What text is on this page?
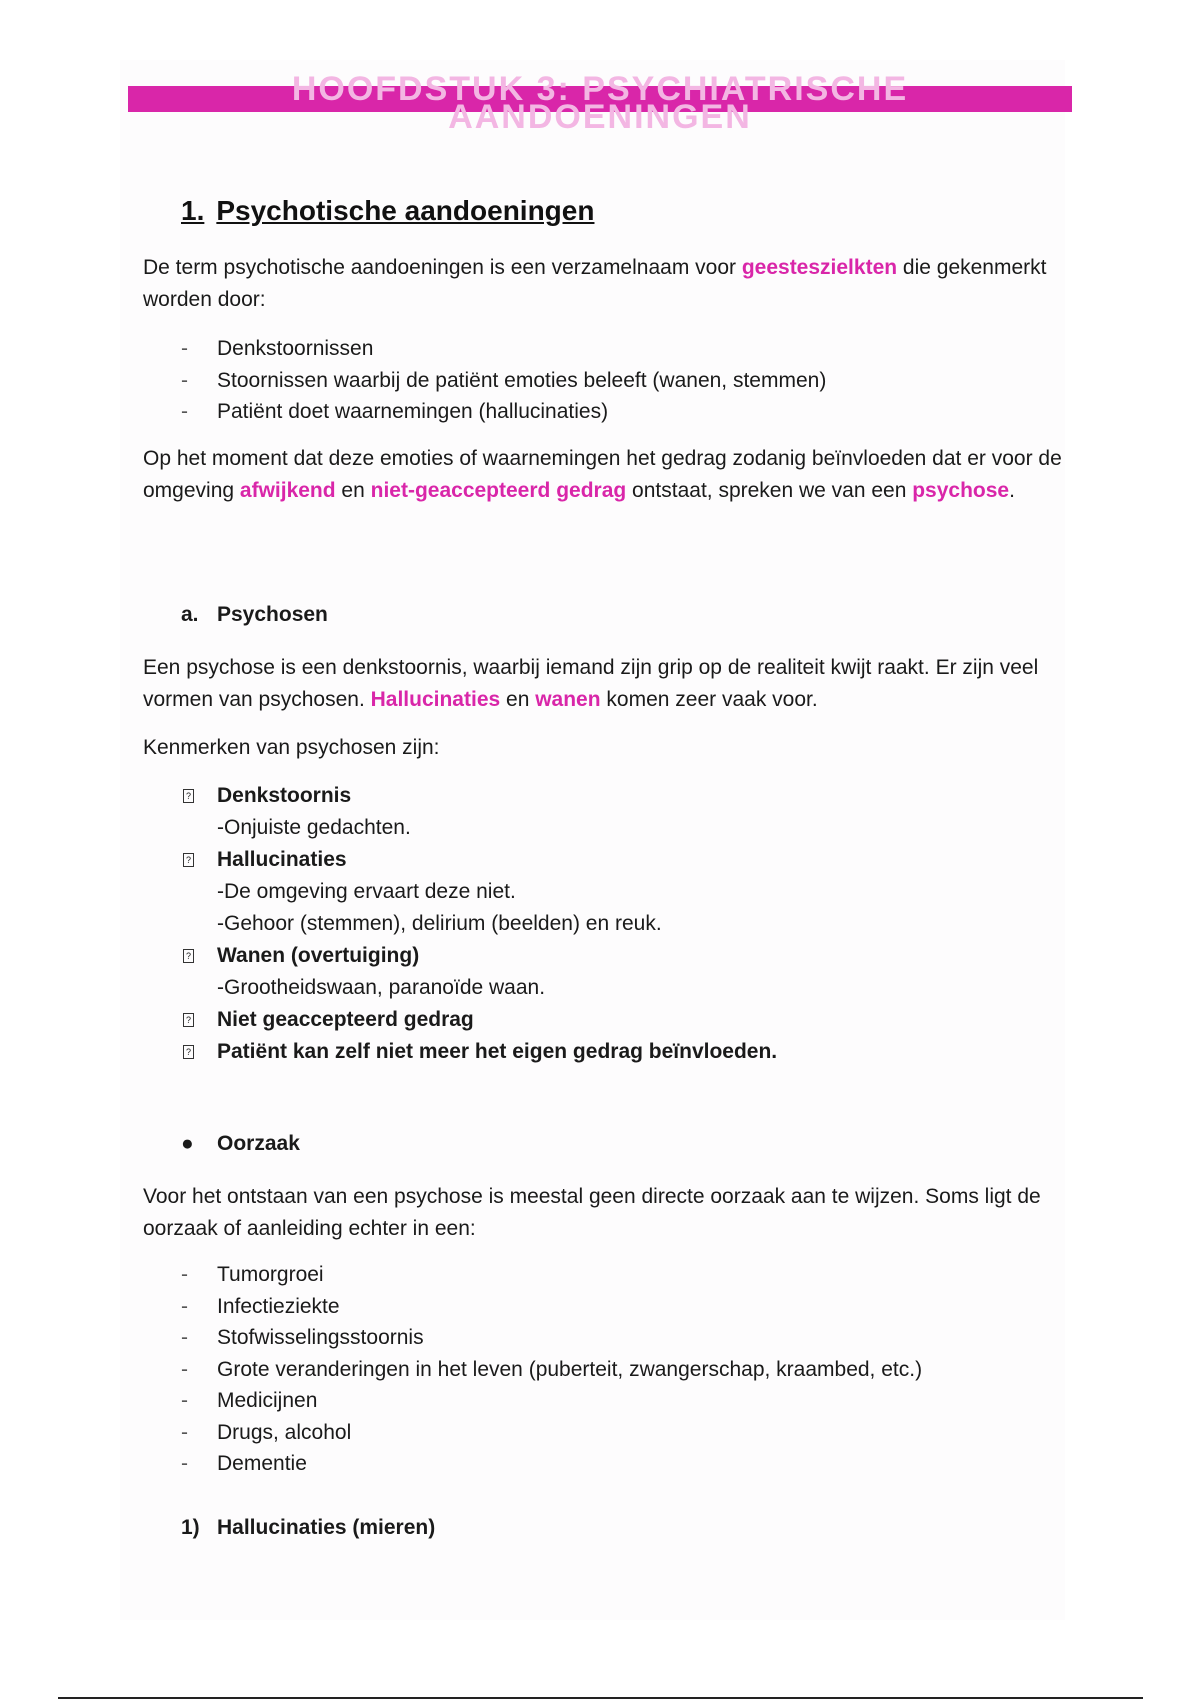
HOOFDSTUK 3: PSYCHIATRISCHE
AANDOENINGEN
1. Psychotische aandoeningen

De term psychotische aandoeningen is een verzamelnaam voor geesteszielkten die gekenmerkt worden door:

- Denkstoornissen
- Stoornissen waarbij de patiënt emoties beleeft (wanen, stemmen)
- Patiënt doet waarnemingen (hallucinaties)

Op het moment dat deze emoties of waarnemingen het gedrag zodanig beïnvloeden dat er voor de omgeving afwijkend en niet-geaccepteerd gedrag ontstaat, spreken we van een psychose.

a. Psychosen

Een psychose is een denkstoornis, waarbij iemand zijn grip op de realiteit kwijt raakt. Er zijn veel vormen van psychosen. Hallucinaties en wanen komen zeer vaak voor.

Kenmerken van psychosen zijn:

? Denkstoornis
-Onjuiste gedachten.
? Hallucinaties
-De omgeving ervaart deze niet.
-Gehoor (stemmen), delirium (beelden) en reuk.
? Wanen (overtuiging)
-Grootheidswaan, paranoïde waan.
? Niet geaccepteerd gedrag
? Patiënt kan zelf niet meer het eigen gedrag beïnvloeden.
● Oorzaak

Voor het ontstaan van een psychose is meestal geen directe oorzaak aan te wijzen. Soms ligt de oorzaak of aanleiding echter in een:

- Tumorgroei
- Infectieziekte
- Stofwisselingsstoornis
- Grote veranderingen in het leven (puberteit, zwangerschap, kraambed, etc.)
- Medicijnen
- Drugs, alcohol
- Dementie
1) Hallucinaties (mieren)
